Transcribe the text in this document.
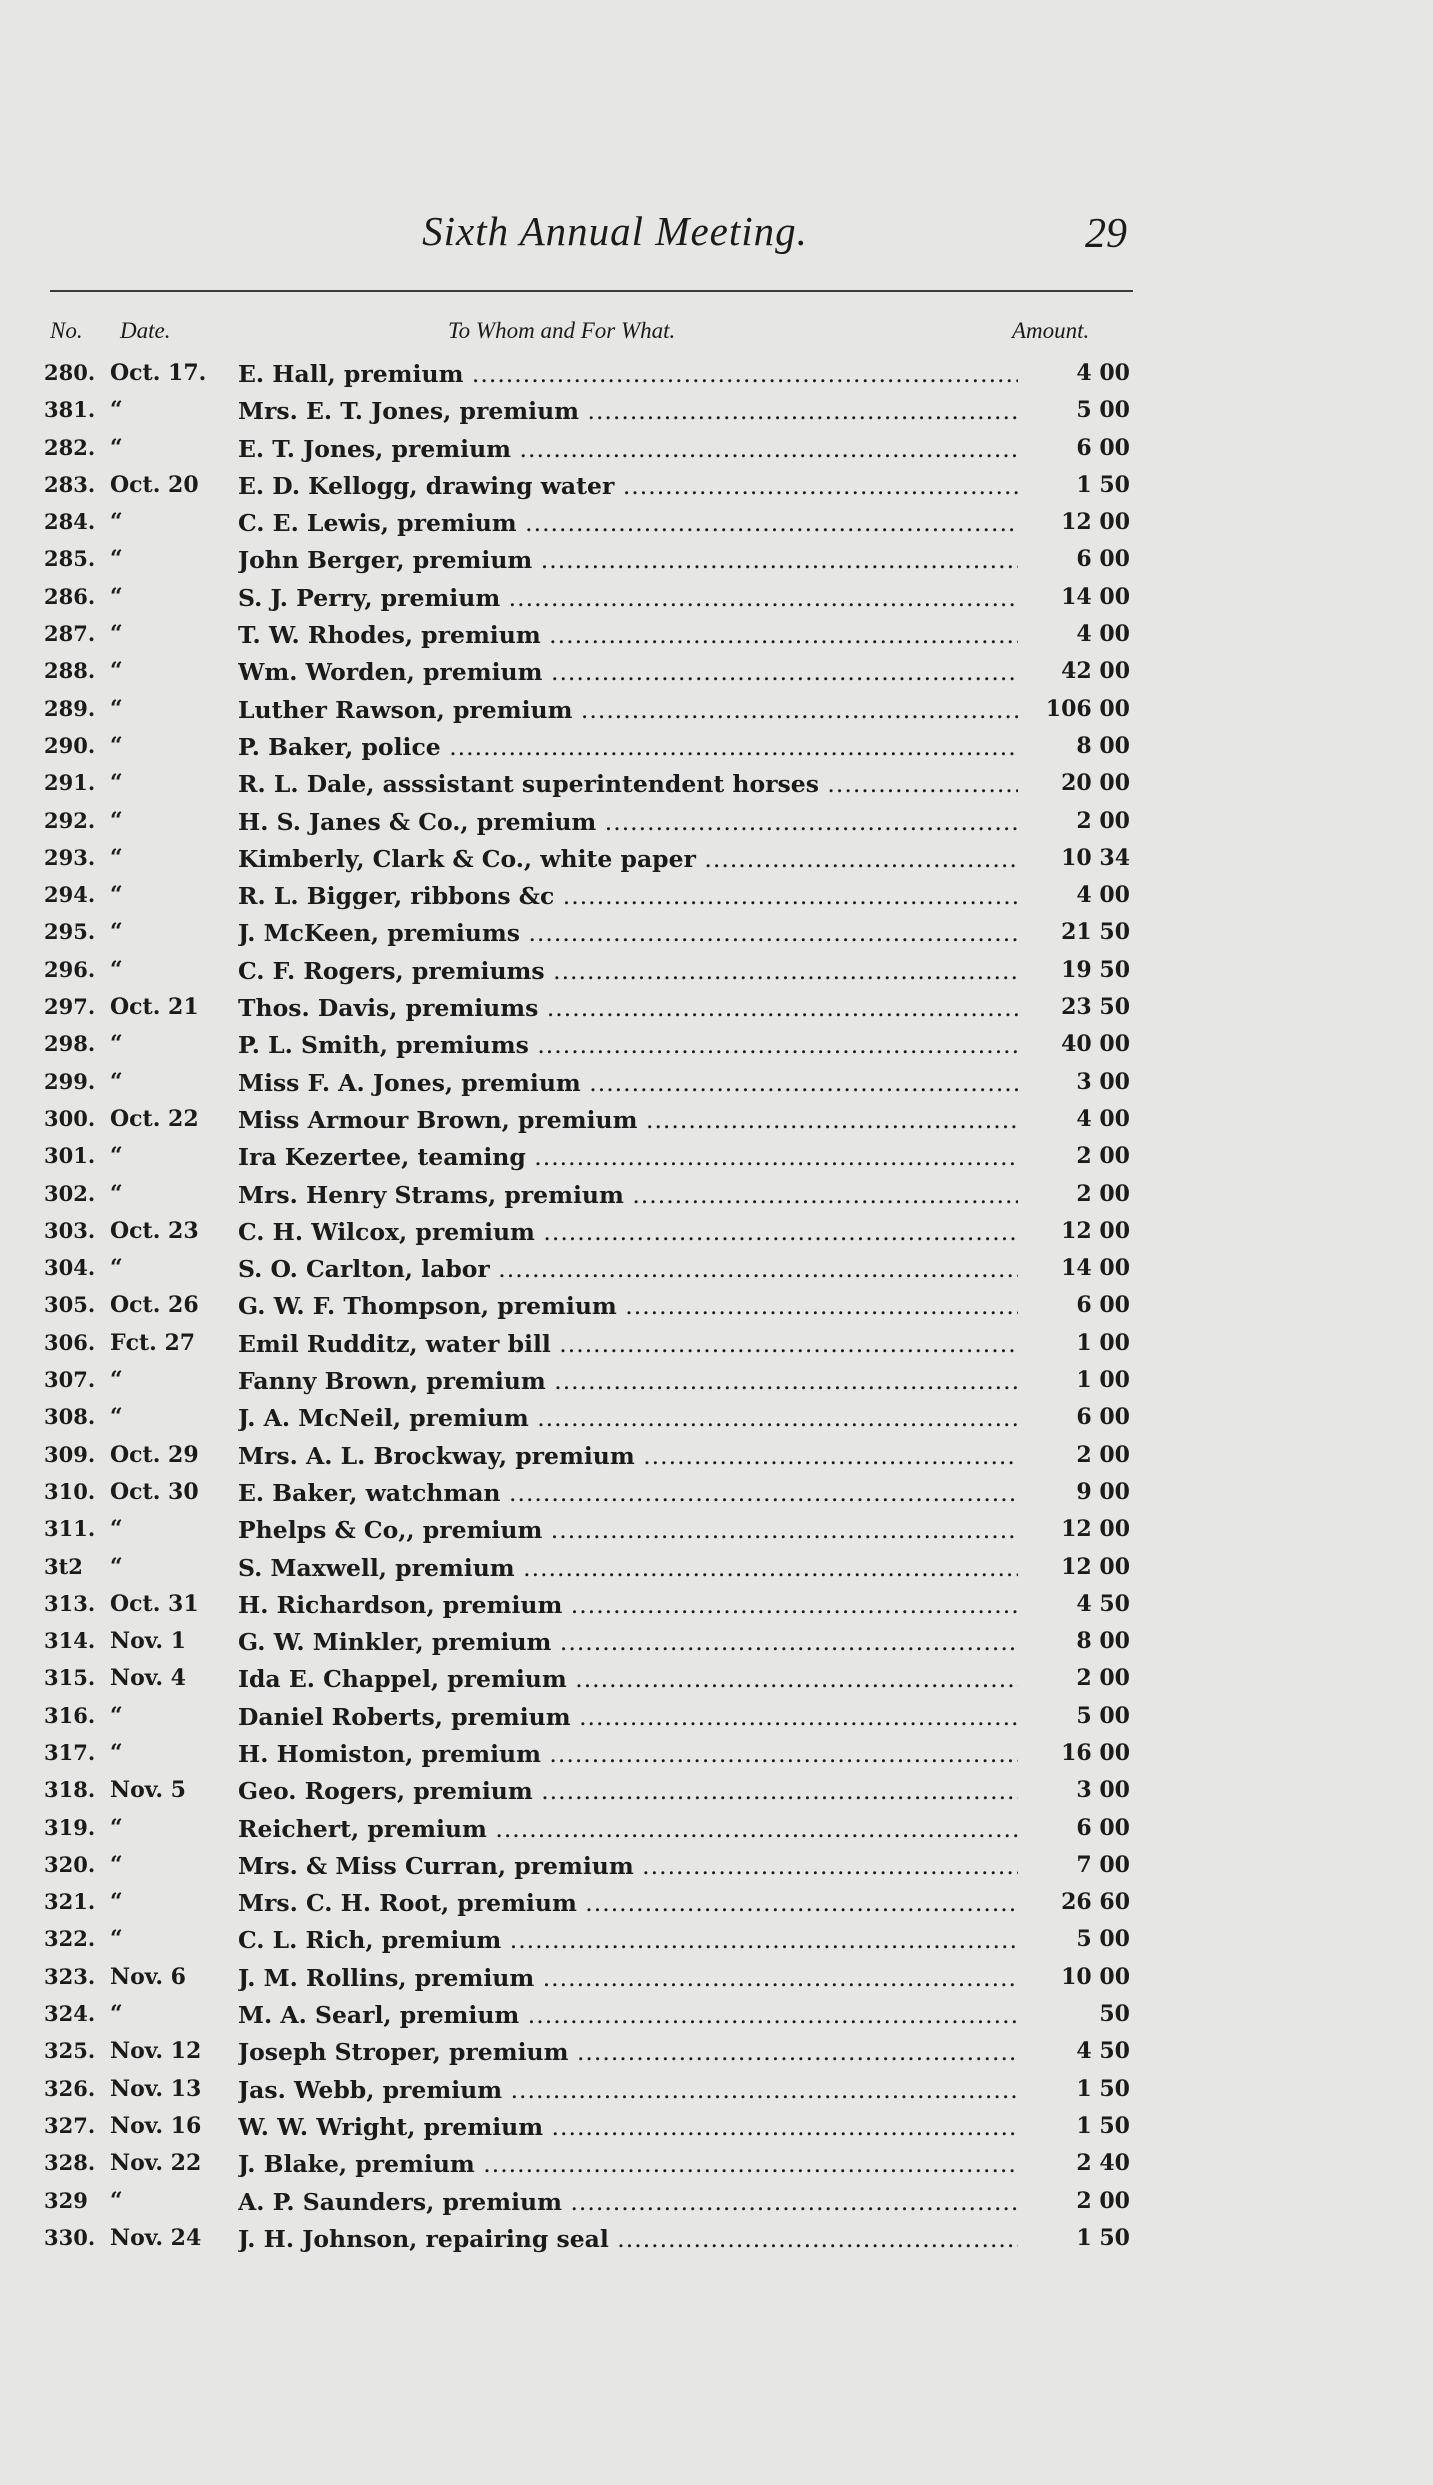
Sixth Annual Meeting.	29
No. Date.	To Whom and For What.	Amount.
280. Oct. 17.	E. Hall, premium .....	4 00
381. “	Mrs. E. T. Jones, premium .....	5 00
282. “	E. T. Jones, premium .....	6 00
283. Oct. 20	E. D. Kellogg, drawing water .....	1 50
284. “	C. E. Lewis, premium .....	12 00
285. “	John Berger, premium .....	6 00
286. “	S. J. Perry, premium .....	14 00
287. “	T. W. Rhodes, premium .....	4 00
288. “	Wm. Worden, premium .....	42 00
289. “	Luther Rawson, premium .....	106 00
290. “	P. Baker, police .....	8 00
291. “	R. L. Dale, asssistant superintendent horses .....	20 00
292. “	H. S. Janes & Co., premium .....	2 00
293. “	Kimberly, Clark & Co., white paper .....	10 34
294. “	R. L. Bigger, ribbons &c .....	4 00
295. “	J. McKeen, premiums .....	21 50
296. “	C. F. Rogers, premiums .....	19 50
297. Oct. 21	Thos. Davis, premiums .....	23 50
298. “	P. L. Smith, premiums .....	40 00
299. “	Miss F. A. Jones, premium .....	3 00
300. Oct. 22	Miss Armour Brown, premium .....	4 00
301. “	Ira Kezertee, teaming .....	2 00
302. “	Mrs. Henry Strams, premium .....	2 00
303. Oct. 23	C. H. Wilcox, premium .....	12 00
304. “	S. O. Carlton, labor .....	14 00
305. Oct. 26	G. W. F. Thompson, premium .....	6 00
306. Fct. 27	Emil Rudditz, water bill .....	1 00
307. “	Fanny Brown, premium .....	1 00
308. “	J. A. McNeil, premium .....	6 00
309. Oct. 29	Mrs. A. L. Brockway, premium .....	2 00
310. Oct. 30	E. Baker, watchman .....	9 00
311. “	Phelps & Co,, premium .....	12 00
3t2	“	S. Maxwell, premium .....	12 00
313. Oct. 31	H. Richardson, premium .....	4 50
314. Nov. 1	G. W. Minkler, premium .....	8 00
315. Nov. 4	Ida E. Chappel, premium .....	2 00
316. “	Daniel Roberts, premium .....	5 00
317. “	H. Homiston, premium .....	16 00
318. Nov. 5	Geo. Rogers, premium .....	3 00
319. “	Reichert, premium .....	6 00
320. “	Mrs. & Miss Curran, premium .....	7 00
321. “	Mrs. C. H. Root, premium .....	26 60
322. “	C. L. Rich, premium .....	5 00
323. Nov. 6	J. M. Rollins, premium .....	10 00
324. “	M. A. Searl, premium .....	50
325. Nov. 12	Joseph Stroper, premium .....	4 50
326. Nov. 13	Jas. Webb, premium .....	1 50
327. Nov. 16	W. W. Wright, premium .....	1 50
328. Nov. 22	J. Blake, premium .....	2 40
329	“	A. P. Saunders, premium .....	2 00
330. Nov. 24	J. H. Johnson, repairing seal .....	1 50
